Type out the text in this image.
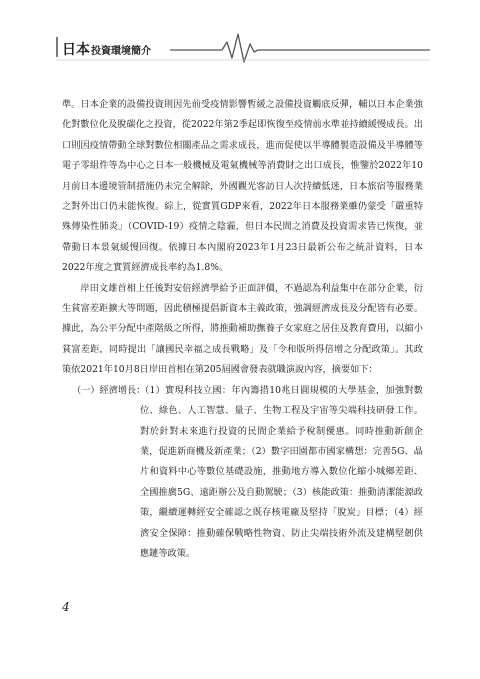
日本投資環境簡介

準。日本企業的設備投資則因先前受疫情影響暫緩之設備投資觸底反彈，輔以日本企業強化對數位化及脫碳化之投資，從2022年第2季起即恢復至疫情前水準並持續緩慢成長。出口則因疫情帶動全球對數位相關產品之需求成長，進而促使以半導體製造設備及半導體等電子零組件等為中心之日本一般機械及電氣機械等消費財之出口成長，惟鑒於2022年10月前日本邊境管制措施仍未完全解除，外國觀光客訪日人次持續低迷，日本旅宿等服務業之對外出口仍未能恢復。綜上，從實質GDP來看，2022年日本服務業雖仍蒙受「嚴重特殊傳染性肺炎」（COVID-19）疫情之陰霾，但日本民間之消費及投資需求皆已恢復，並帶動日本景氣緩慢回復。依據日本內閣府2023年1月23日最新公布之統計資料，日本2022年度之實質經濟成長率約為1.8%。

岸田文雄首相上任後對安倍經濟學給予正面評價，不過認為利益集中在部分企業，衍生貧富差距擴大等問題，因此積極提倡新資本主義政策，強調經濟成長及分配皆有必要。據此，為公平分配中產階級之所得，將推動補助撫養子女家庭之居住及教育費用，以縮小貧富差距，同時提出「讓國民幸福之成長戰略」及「令和版所得倍增之分配政策」。其政策依2021年10月8日岸田首相在第205屆國會發表就職演說內容，摘要如下：

（一）經濟增長：
（1）實現科技立國：年內籌措10兆日圓規模的大學基金，加強對數位、綠色、人工智慧、量子、生物工程及宇宙等尖端科技研發工作。對於針對未來進行投資的民間企業給予稅制優惠。同時推動新創企業，促進新商機及新產業；（2）數字田園都市國家構想：完善5G、晶片和資料中心等數位基礎設施，推動地方導入數位化縮小城鄉差距、全國推廣5G、遠距辦公及自動駕駛；（3）核能政策：推動清潔能源政策，繼續運轉經安全確認之既存核電廠及堅持「脫炭」目標；（4）經濟安全保障：推動確保戰略性物資、防止尖端技術外流及建構堅韌供應鏈等政策。
4
